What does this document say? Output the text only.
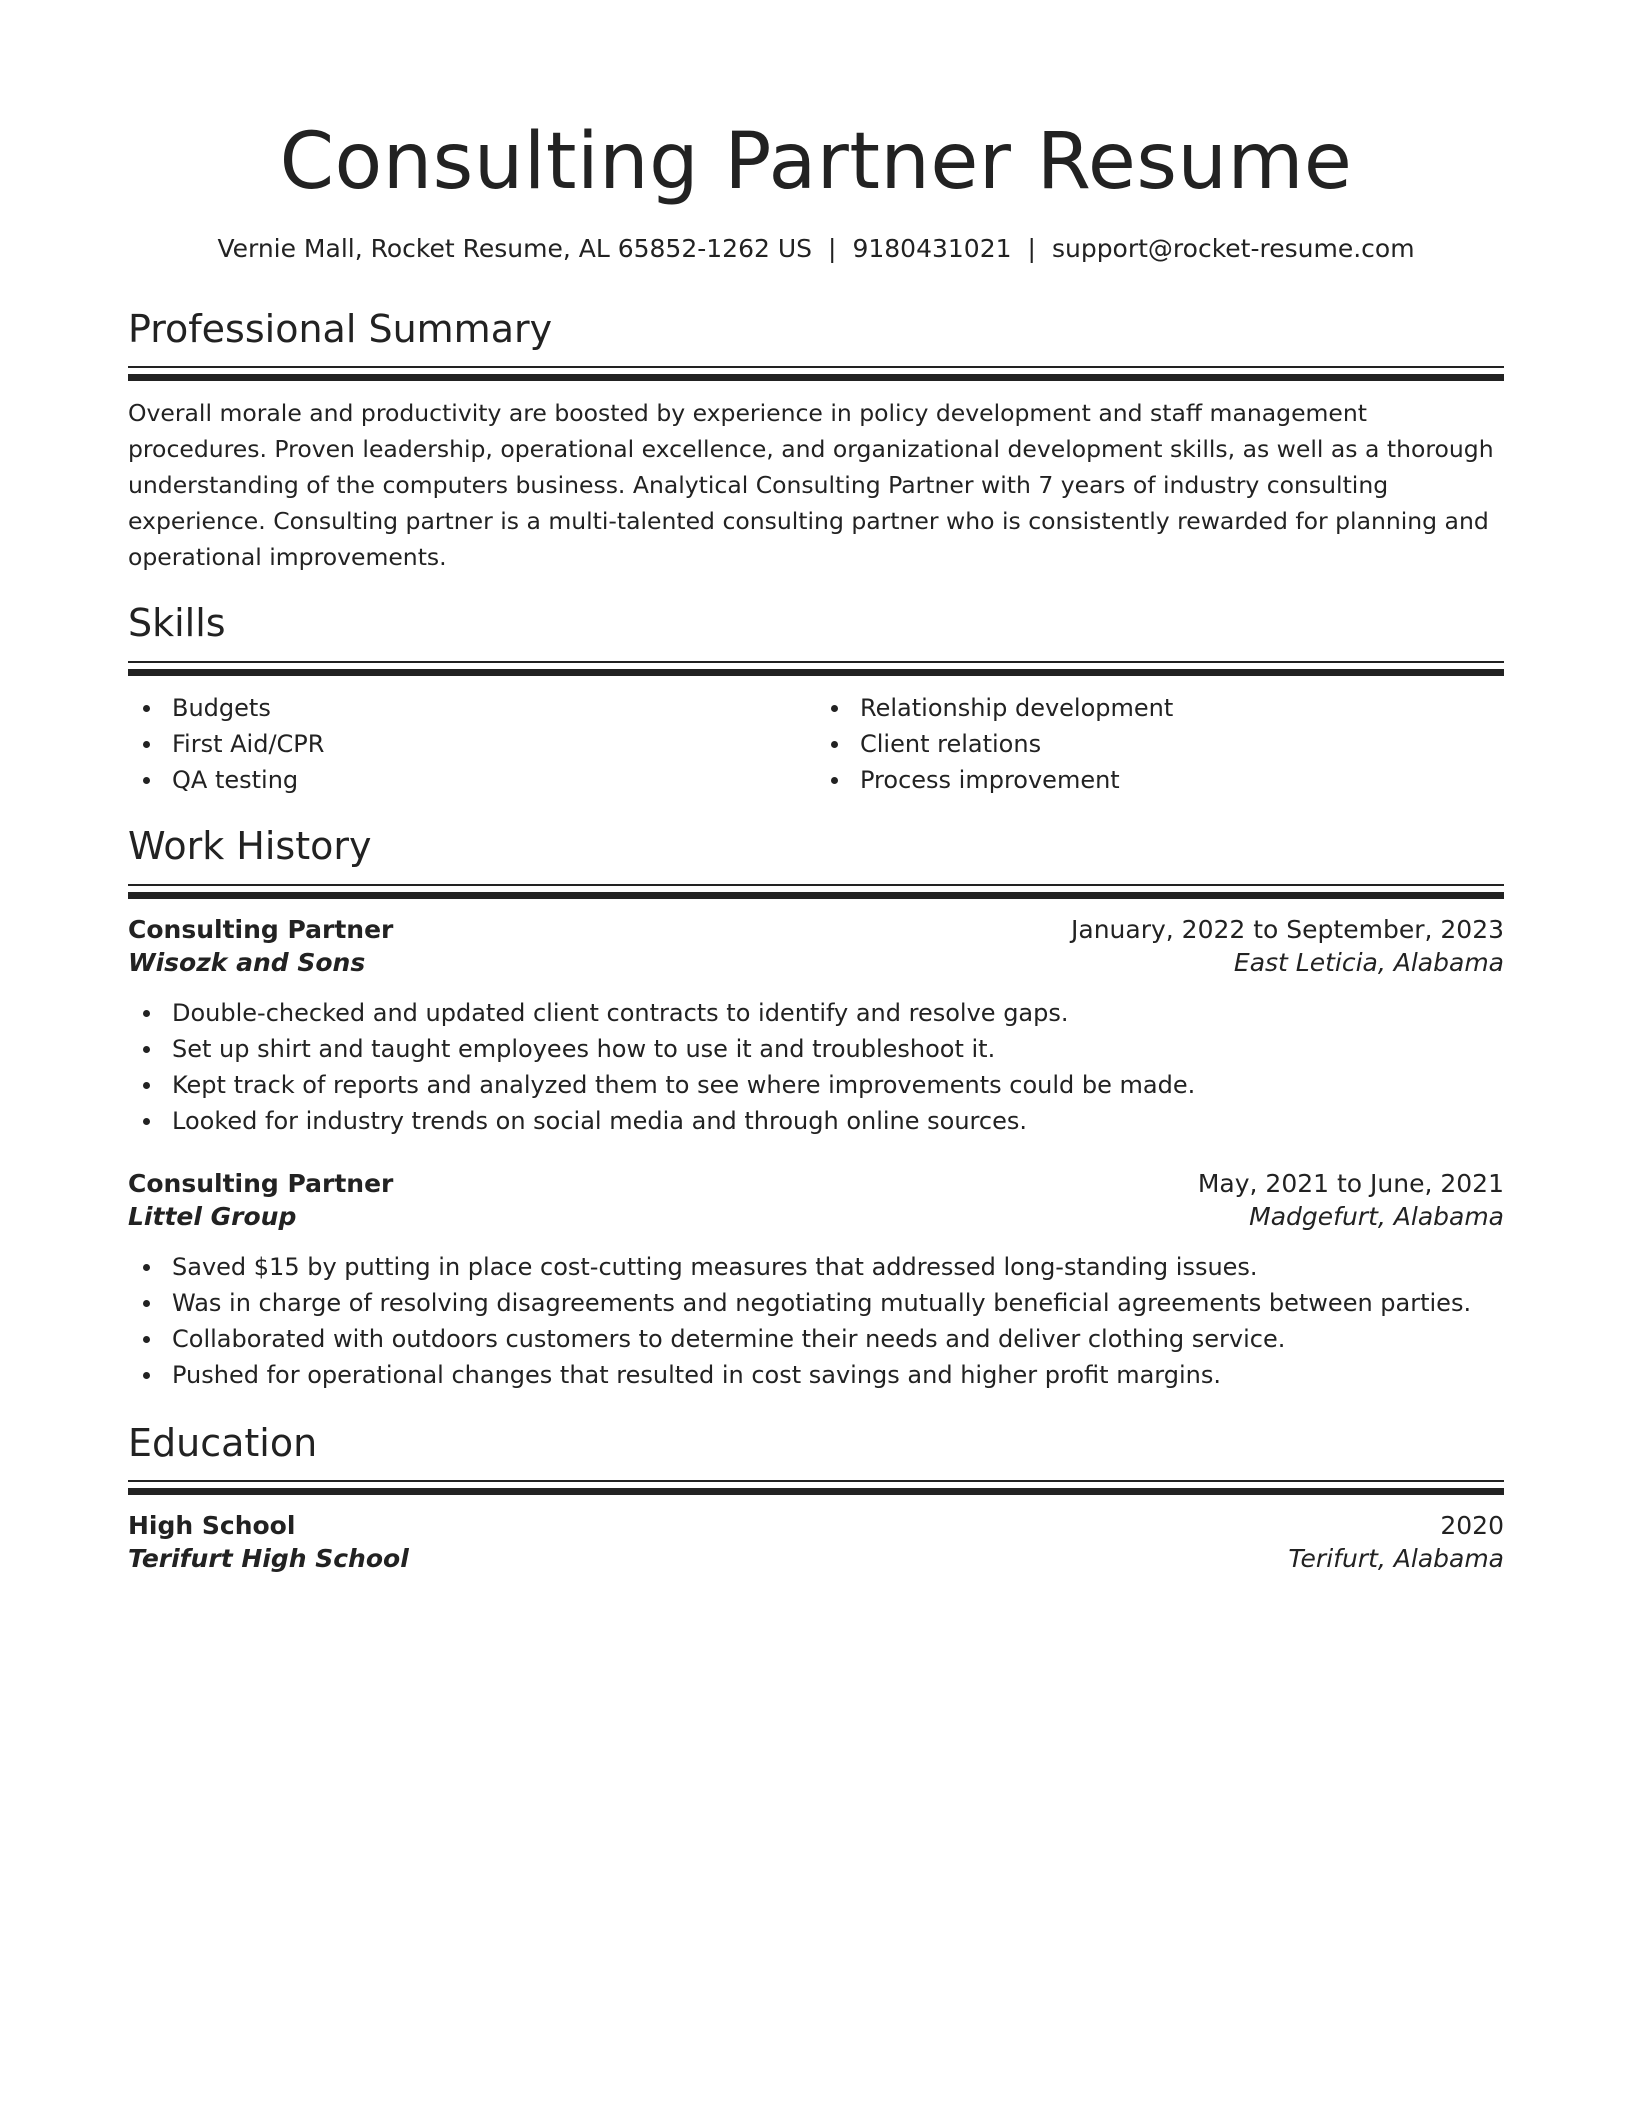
Consulting Partner Resume
Vernie Mall, Rocket Resume, AL 65852-1262 US | 9180431021 | support@rocket-resume.com
Professional Summary
Overall morale and productivity are boosted by experience in policy development and staff management procedures. Proven leadership, operational excellence, and organizational development skills, as well as a thorough understanding of the computers business. Analytical Consulting Partner with 7 years of industry consulting experience. Consulting partner is a multi-talented consulting partner who is consistently rewarded for planning and operational improvements.
Skills
Budgets
First Aid/CPR
QA testing
Relationship development
Client relations
Process improvement
Work History
Consulting Partner	January, 2022 to September, 2023
Wisozk and Sons	East Leticia, Alabama
Double-checked and updated client contracts to identify and resolve gaps.
Set up shirt and taught employees how to use it and troubleshoot it.
Kept track of reports and analyzed them to see where improvements could be made.
Looked for industry trends on social media and through online sources.
Consulting Partner	May, 2021 to June, 2021
Littel Group	Madgefurt, Alabama
Saved $15 by putting in place cost-cutting measures that addressed long-standing issues.
Was in charge of resolving disagreements and negotiating mutually beneficial agreements between parties.
Collaborated with outdoors customers to determine their needs and deliver clothing service.
Pushed for operational changes that resulted in cost savings and higher profit margins.
Education
High School	2020
Terifurt High School	Terifurt, Alabama
